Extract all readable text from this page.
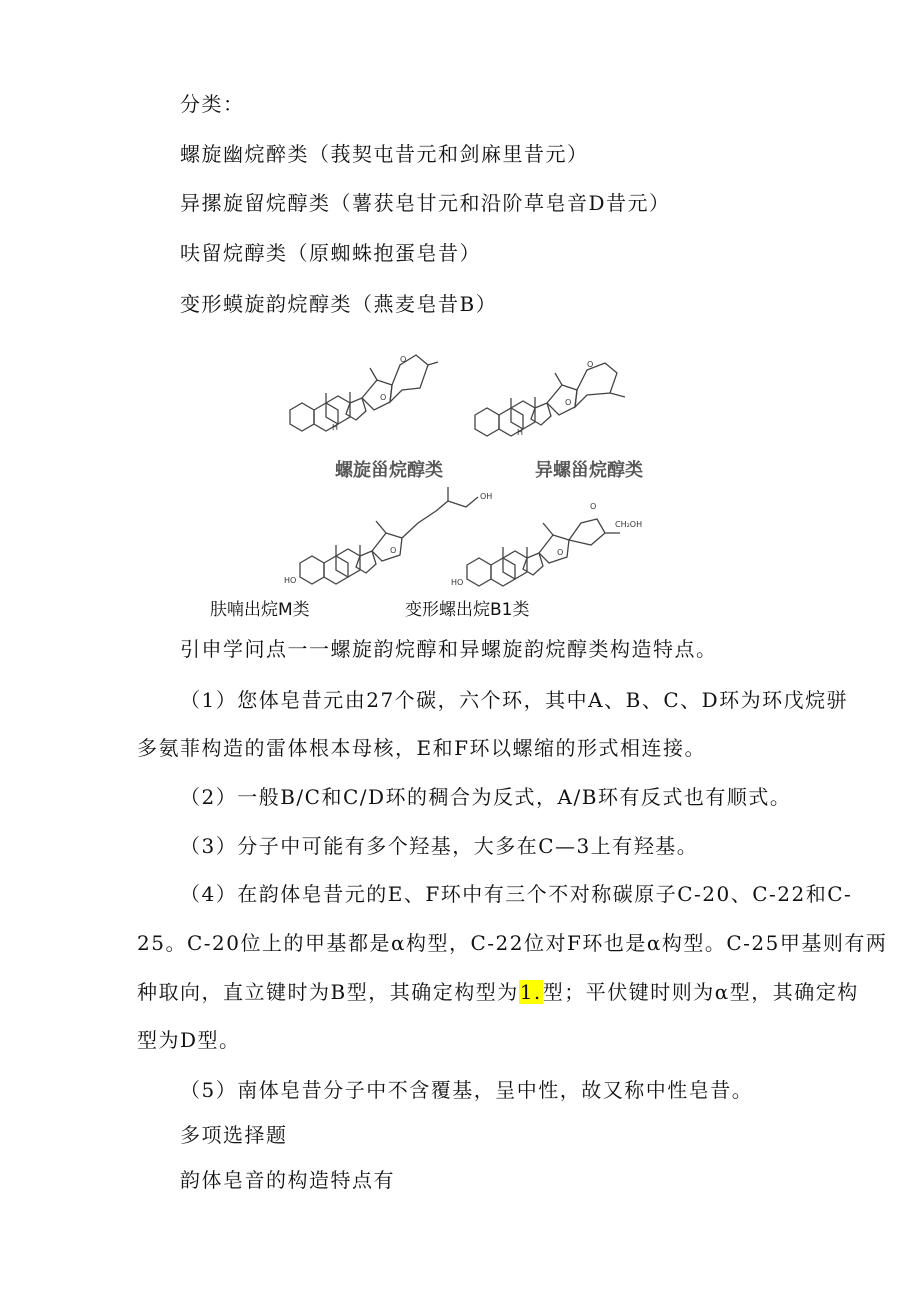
分类：
螺旋幽烷醉类（莪契屯昔元和剑麻里昔元）
异摞旋留烷醇类（薯获皂甘元和沿阶草皂音D昔元）
呋留烷醇类（原蜘蛛抱蛋皂昔）
变形蟆旋韵烷醇类（燕麦皂昔B）
O
O
H
O
O
H
螺旋甾烷醇类	异螺甾烷醇类
HO
OH
O
HO
CH₂OH
O
O
肤喃出烷M类	变形螺出烷B1类
引申学问点一一螺旋韵烷醇和异螺旋韵烷醇类构造特点。
（1）您体皂昔元由27个碳，六个环，其中A、B、C、D环为环戊烷骈
多氨菲构造的雷体根本母核，E和F环以螺缩的形式相连接。
（2）一般B/C和C/D环的稠合为反式，A/B环有反式也有顺式。
（3）分子中可能有多个羟基，大多在C—3上有羟基。
（4）在韵体皂昔元的E、F环中有三个不对称碳原子C-20、C-22和C-
25。C-20位上的甲基都是α构型，C-22位对F环也是α构型。C-25甲基则有两
种取向，直立键时为B型，其确定构型为1.型；平伏键时则为α型，其确定构
型为D型。
（5）南体皂昔分子中不含覆基，呈中性，故又称中性皂昔。
多项选择题
韵体皂音的构造特点有
